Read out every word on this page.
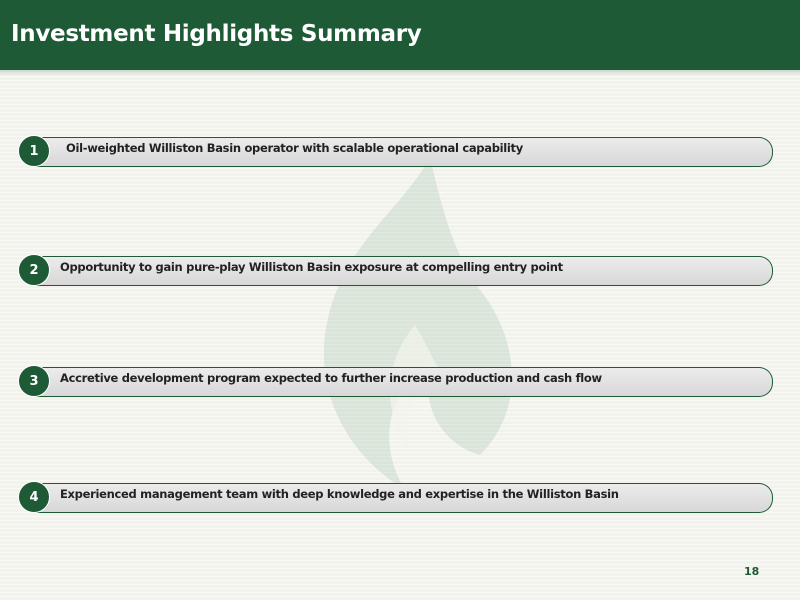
Investment Highlights Summary
Oil-weighted Williston Basin operator with scalable operational capability
1
Opportunity to gain pure-play Williston Basin exposure at compelling entry point
2
Accretive development program expected to further increase production and cash flow
3
Experienced management team with deep knowledge and expertise in the Williston Basin
4
18
